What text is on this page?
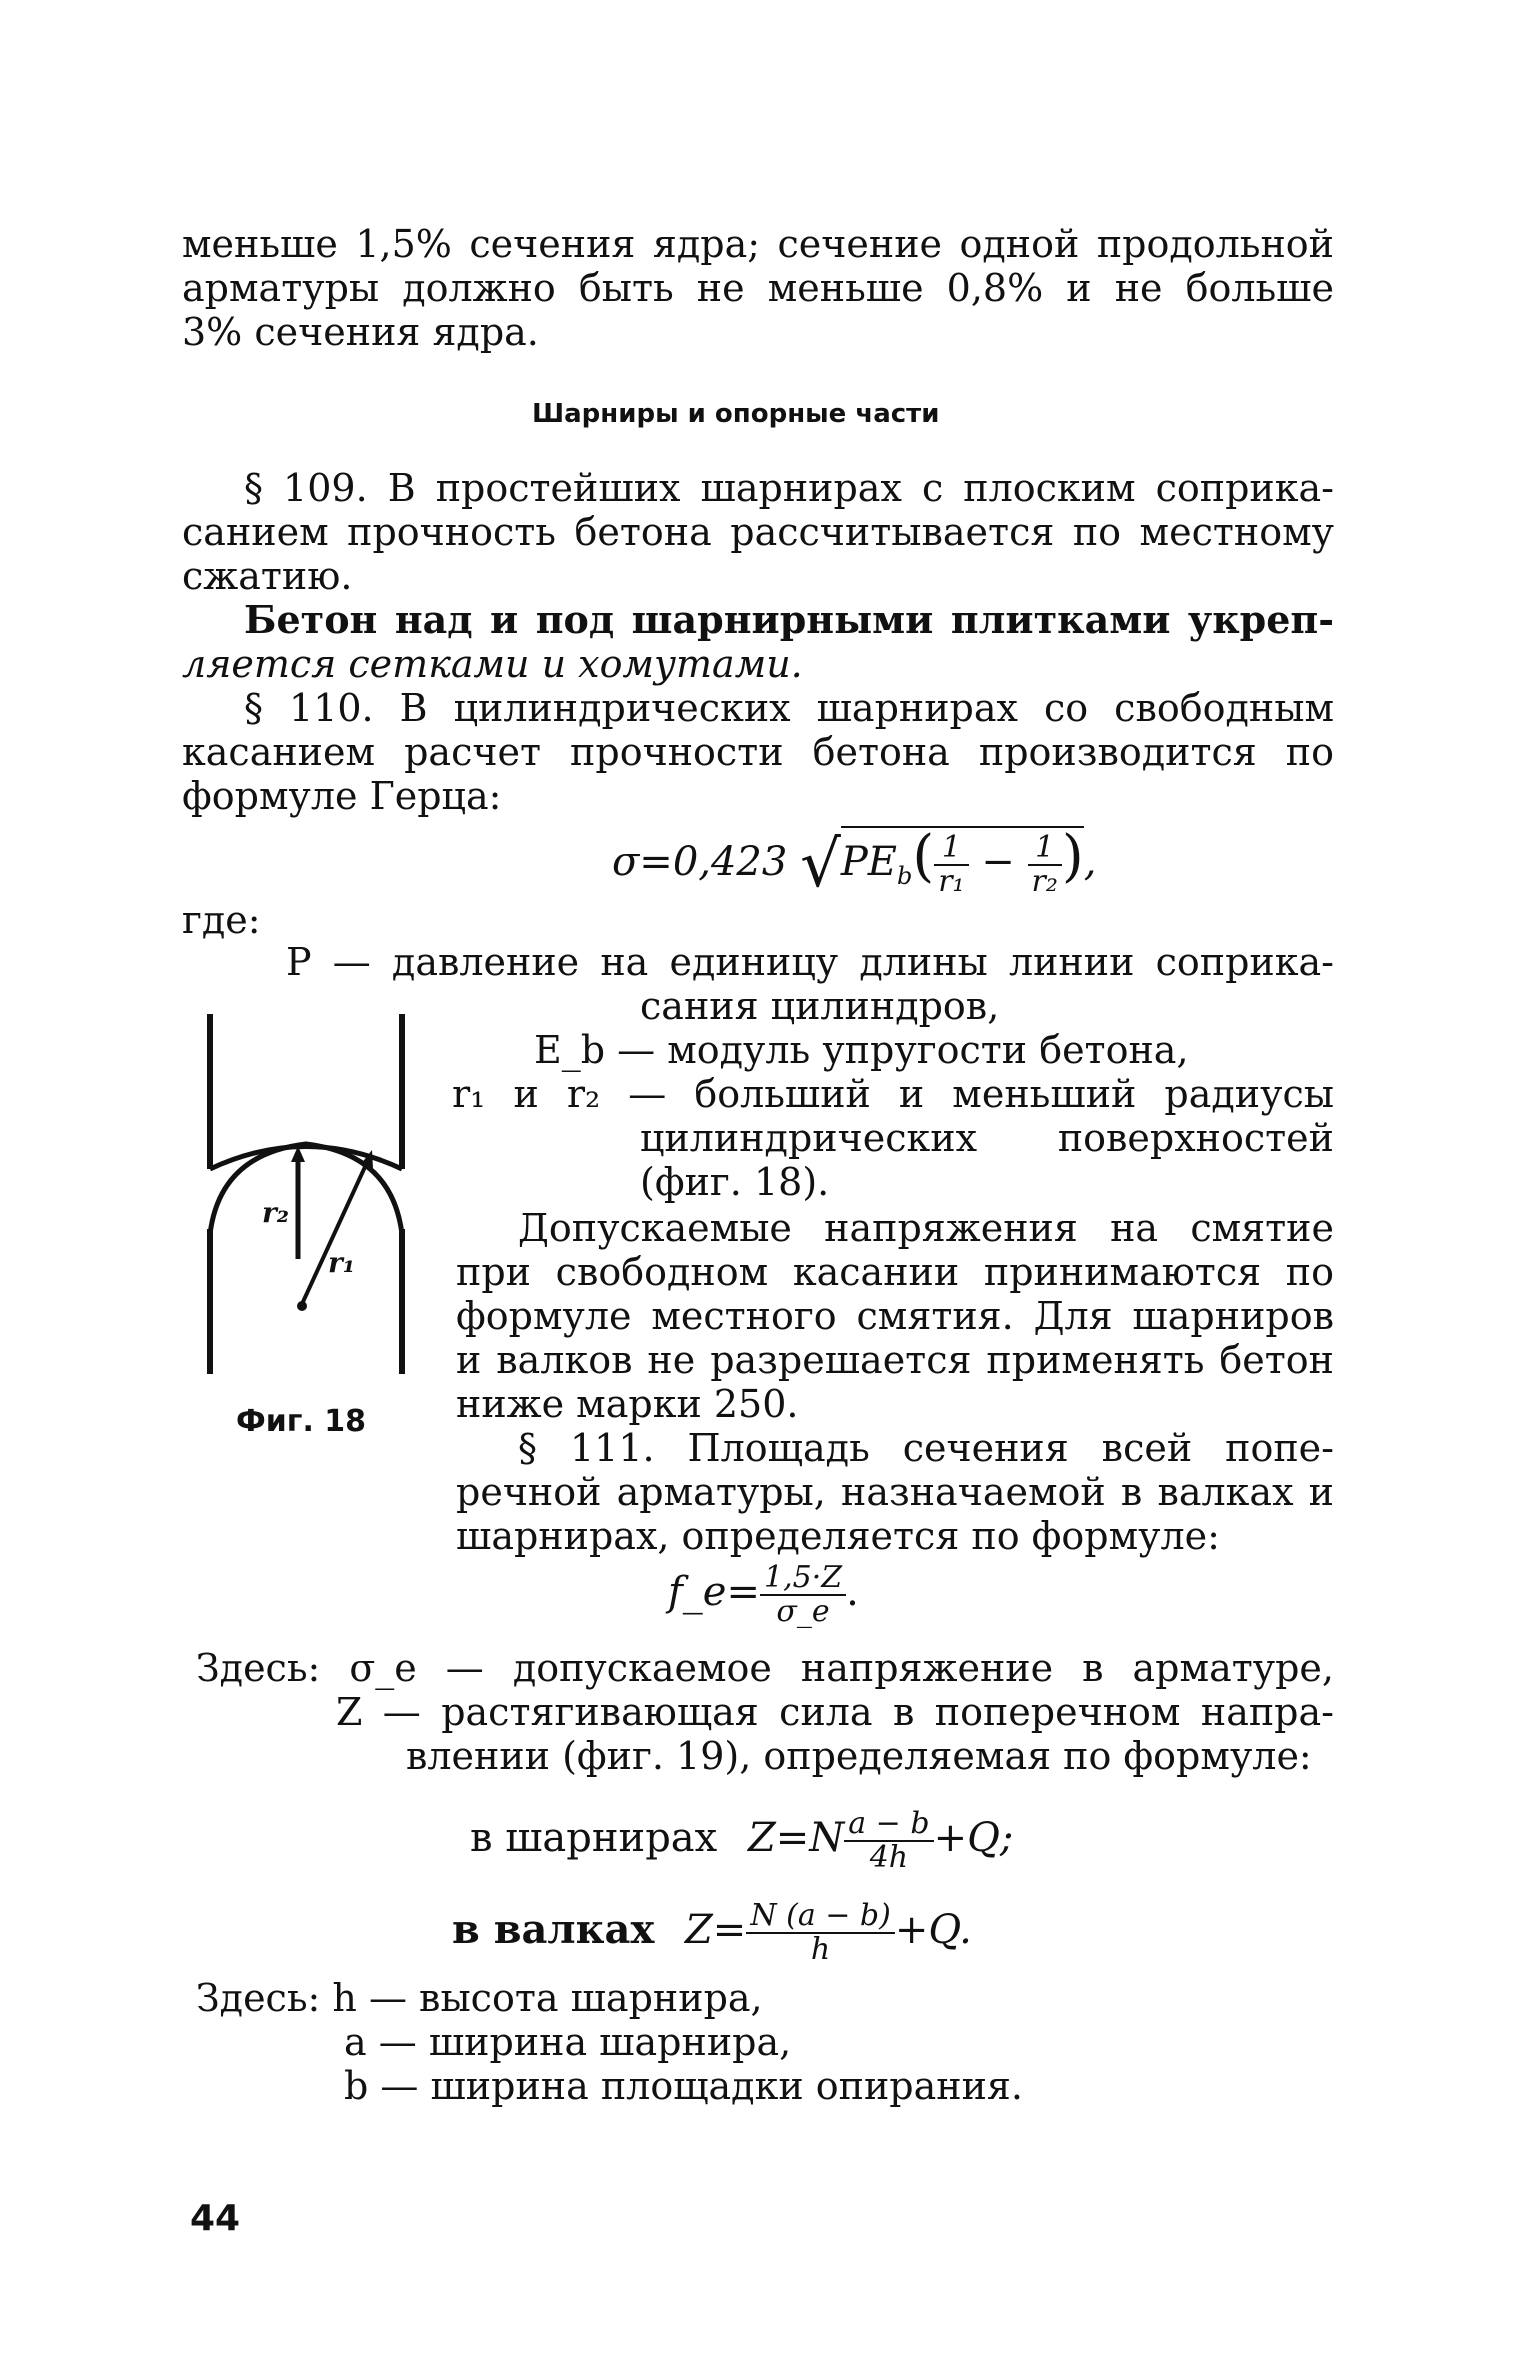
меньше 1,5% сечения ядра; сечение одной продольной

арматуры должно быть не меньше 0,8% и не больше

3% сечения ядра.

Шарниры и опорные части

§ 109. В простейших шарнирах с плоским соприка-

санием прочность бетона рассчитывается по местному

сжатию.

Бетон над и под шарнирными плитками укреп-

ляется сетками и хомутами.

§ 110. В цилиндрических шарнирах со свободным

касанием расчет прочности бетона производится по

формуле Герца:

σ=0,423 $√PE_b( \frac{1}{\text{r₁}} - \frac{1}{\text{r₂}}$ ),

где:

P — давление на единицу длины линии соприка-

сания цилиндров,

E_b — модуль упругости бетона,

r₁ и r₂ — больший и меньший радиусы

цилиндрических поверхностей

(фиг. 18).

r₂
r₁
Фиг. 18

Допускаемые напряжения на смятие

при свободном касании принимаются по

формуле местного смятия. Для шарниров

и валков не разрешается применять бетон

ниже марки 250.

§ 111. Площадь сечения всей попе-

речной арматуры, назначаемой в валках и

шарнирах, определяется по формуле:

f_e= $\frac{1,5\cdot Z}{\sigma\_e}$ .

Здесь: σ_e — допускаемое напряжение в арматуре,

Z — растягивающая сила в поперечном напра-

влении (фиг. 19), определяемая по формуле:

в шарнирах $Z=N \frac{a - b}{4h} +Q$;
в валках $Z= \frac{N (a - b)}{h} +Q$.

Здесь: h — высота шарнира,

a — ширина шарнира,

b — ширина площадки опирания.

44
